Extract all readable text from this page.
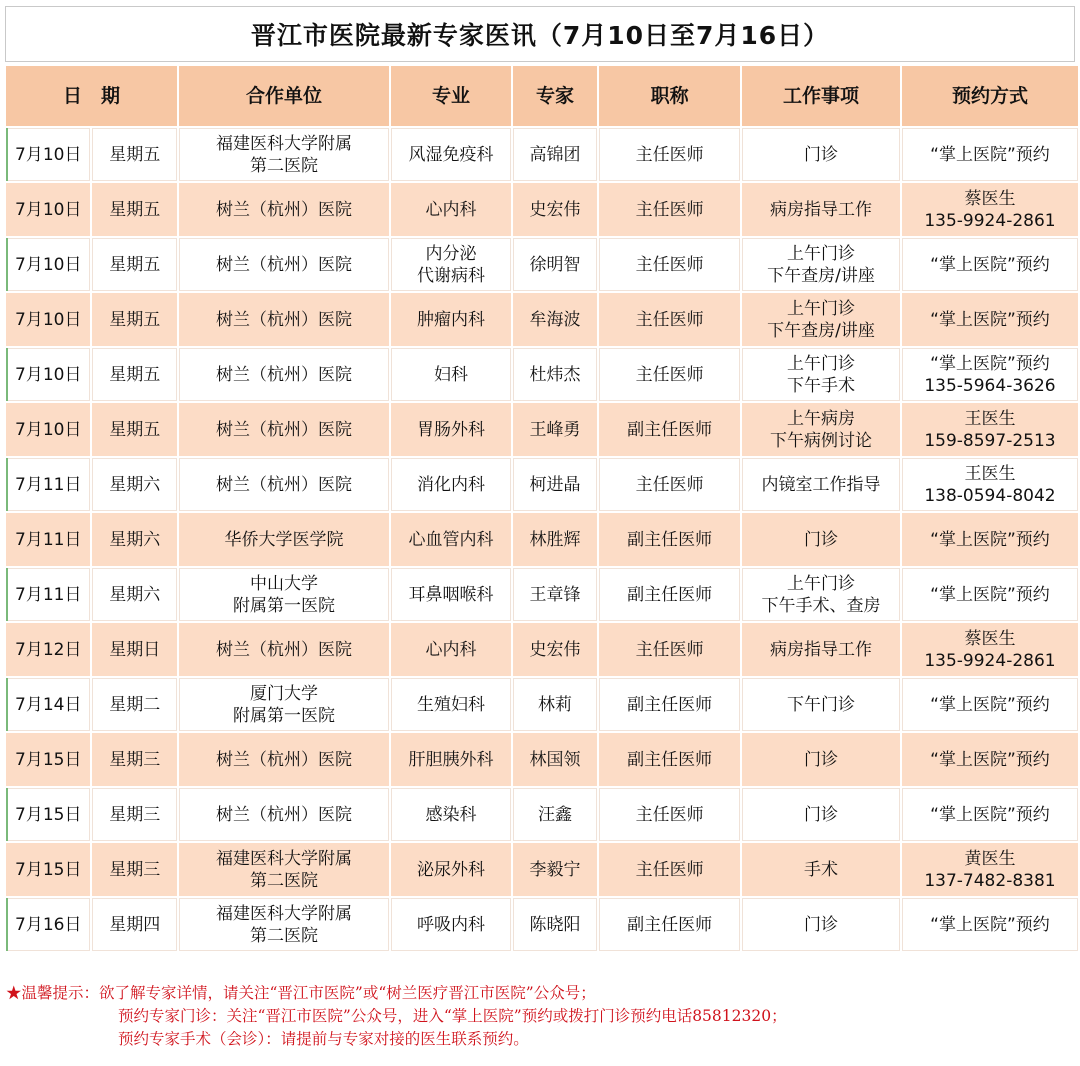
晋江市医院最新专家医讯（7月10日至7月16日）
日　期		合作单位	专业	专家	职称	工作事项	预约方式
7月10日	星期五	福建医科大学附属
第二医院	风湿免疫科	高锦团	主任医师	门诊	“掌上医院”预约

7月10日	星期五	树兰（杭州）医院	心内科	史宏伟	主任医师	病房指导工作	蔡医生
135-9924-2861

7月10日	星期五	树兰（杭州）医院	内分泌
代谢病科	徐明智	主任医师	上午门诊
下午查房/讲座	“掌上医院”预约

7月10日	星期五	树兰（杭州）医院	肿瘤内科	牟海波	主任医师	上午门诊
下午查房/讲座	“掌上医院”预约

7月10日	星期五	树兰（杭州）医院	妇科	杜炜杰	主任医师	上午门诊
下午手术	“掌上医院”预约
135-5964-3626

7月10日	星期五	树兰（杭州）医院	胃肠外科	王峰勇	副主任医师	上午病房
下午病例讨论	王医生
159-8597-2513

7月11日	星期六	树兰（杭州）医院	消化内科	柯进晶	主任医师	内镜室工作指导	王医生
138-0594-8042

7月11日	星期六	华侨大学医学院	心血管内科	林胜辉	副主任医师	门诊	“掌上医院”预约

7月11日	星期六	中山大学
附属第一医院	耳鼻咽喉科	王章锋	副主任医师	上午门诊
下午手术、查房	“掌上医院”预约

7月12日	星期日	树兰（杭州）医院	心内科	史宏伟	主任医师	病房指导工作	蔡医生
135-9924-2861

7月14日	星期二	厦门大学
附属第一医院	生殖妇科	林莉	副主任医师	下午门诊	“掌上医院”预约

7月15日	星期三	树兰（杭州）医院	肝胆胰外科	林国领	副主任医师	门诊	“掌上医院”预约

7月15日	星期三	树兰（杭州）医院	感染科	汪鑫	主任医师	门诊	“掌上医院”预约

7月15日	星期三	福建医科大学附属
第二医院	泌尿外科	李毅宁	主任医师	手术	黄医生
137-7482-8381

7月16日	星期四	福建医科大学附属
第二医院	呼吸内科	陈晓阳	副主任医师	门诊	“掌上医院”预约
★温馨提示：欲了解专家详情，请关注“晋江市医院”或“树兰医疗晋江市医院”公众号；
预约专家门诊：关注“晋江市医院”公众号，进入“掌上医院”预约或拨打门诊预约电话85812320；
预约专家手术（会诊）：请提前与专家对接的医生联系预约。
